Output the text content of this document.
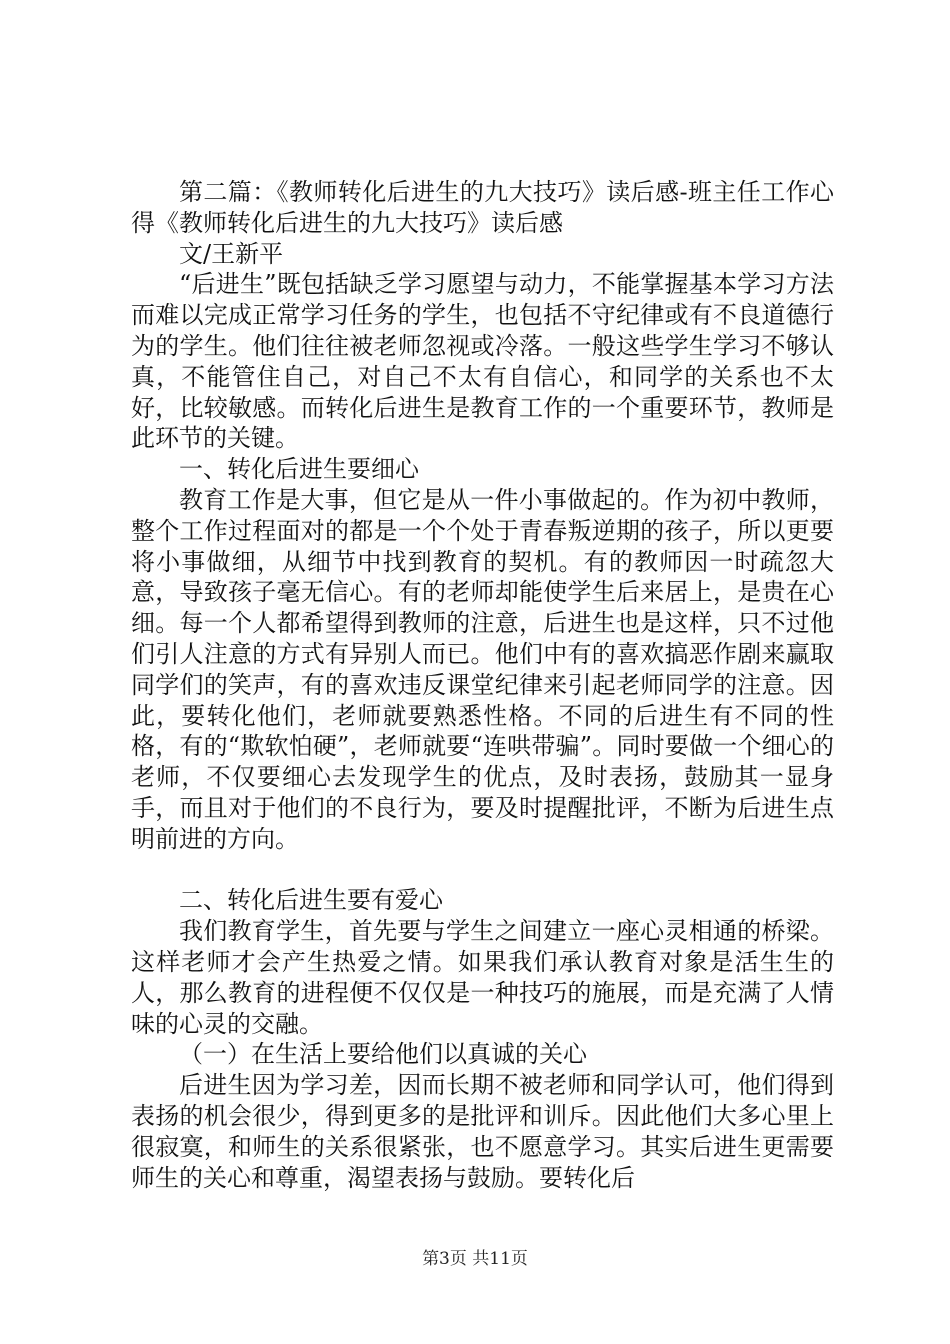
第二篇：《教师转化后进生的九大技巧》读后感-班主任工作心得《教师转化后进生的九大技巧》读后感

文/王新平

“后进生”既包括缺乏学习愿望与动力，不能掌握基本学习方法而难以完成正常学习任务的学生，也包括不守纪律或有不良道德行为的学生。他们往往被老师忽视或冷落。一般这些学生学习不够认真，不能管住自己，对自己不太有自信心，和同学的关系也不太好，比较敏感。而转化后进生是教育工作的一个重要环节，教师是此环节的关键。

一、转化后进生要细心

教育工作是大事，但它是从一件小事做起的。作为初中教师，整个工作过程面对的都是一个个处于青春叛逆期的孩子，所以更要将小事做细，从细节中找到教育的契机。有的教师因一时疏忽大意，导致孩子毫无信心。有的老师却能使学生后来居上，是贵在心细。每一个人都希望得到教师的注意，后进生也是这样，只不过他们引人注意的方式有异别人而已。他们中有的喜欢搞恶作剧来赢取同学们的笑声，有的喜欢违反课堂纪律来引起老师同学的注意。因此，要转化他们，老师就要熟悉性格。不同的后进生有不同的性格，有的“欺软怕硬”，老师就要“连哄带骗”。同时要做一个细心的老师，不仅要细心去发现学生的优点，及时表扬，鼓励其一显身手，而且对于他们的不良行为，要及时提醒批评，不断为后进生点明前进的方向。

二、转化后进生要有爱心

我们教育学生，首先要与学生之间建立一座心灵相通的桥梁。这样老师才会产生热爱之情。如果我们承认教育对象是活生生的人，那么教育的进程便不仅仅是一种技巧的施展，而是充满了人情味的心灵的交融。

（一）在生活上要给他们以真诚的关心

后进生因为学习差，因而长期不被老师和同学认可，他们得到表扬的机会很少，得到更多的是批评和训斥。因此他们大多心里上很寂寞，和师生的关系很紧张，也不愿意学习。其实后进生更需要师生的关心和尊重，渴望表扬与鼓励。要转化后

第3页 共11页
